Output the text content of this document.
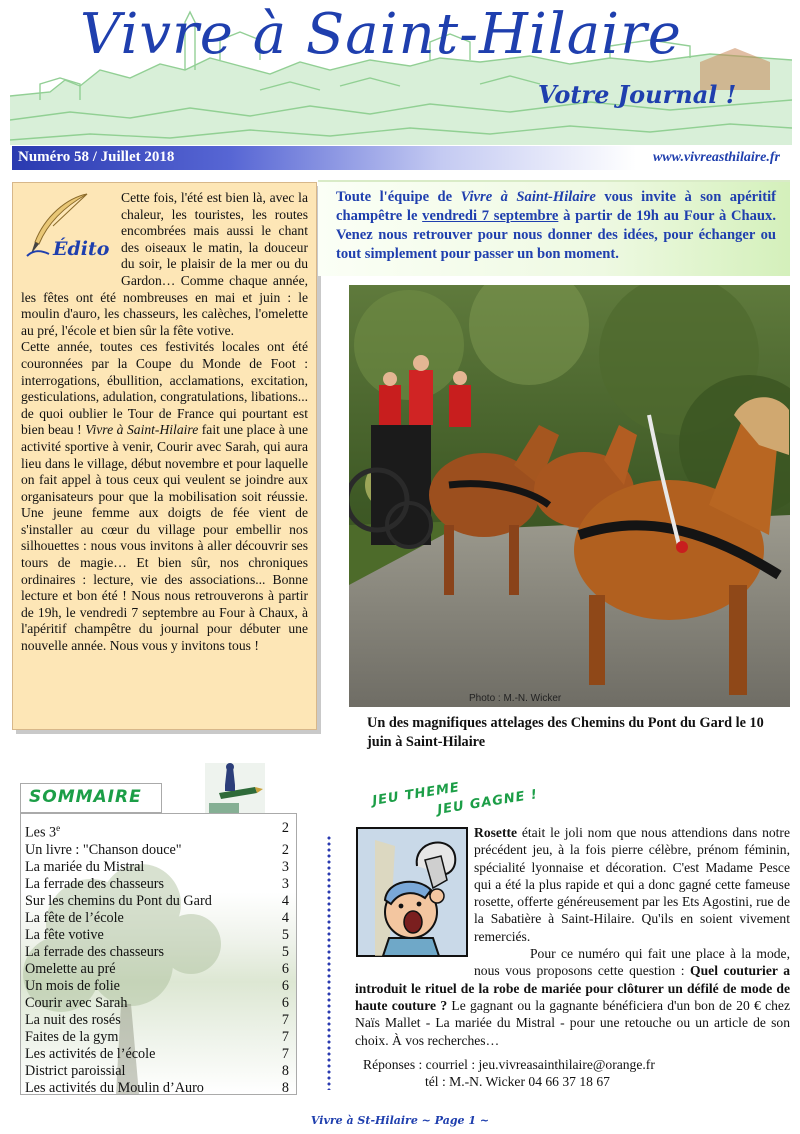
Vivre à Saint-Hilaire
Votre Journal !
Numéro 58 / Juillet 2018	www.vivreasthilaire.fr
Édito

Cette fois, l'été est bien là, avec la chaleur, les touristes, les routes encombrées mais aussi le chant des oiseaux le matin, la douceur du soir, le plaisir de la mer ou du Gardon… Comme chaque année, les fêtes ont été nombreuses en mai et juin : le moulin d'auro, les chasseurs, les calèches, l'omelette au pré, l'école et bien sûr la fête votive.

Cette année, toutes ces festivités locales ont été couronnées par la Coupe du Monde de Foot : interrogations, ébullition, acclamations, excitation, gesticulations, adulation, congratulations, libations... de quoi oublier le Tour de France qui pourtant est bien beau ! Vivre à Saint-Hilaire fait une place à une activité sportive à venir, Courir avec Sarah, qui aura lieu dans le village, début novembre et pour laquelle on fait appel à tous ceux qui veulent se joindre aux organisateurs pour que la mobilisation soit réussie. Une jeune femme aux doigts de fée vient de s'installer au cœur du village pour embellir nos silhouettes : nous vous invitons à aller découvrir ses tours de magie… Et bien sûr, nos chroniques ordinaires : lecture, vie des associations... Bonne lecture et bon été ! Nous nous retrouverons à partir de 19h, le vendredi 7 septembre au Four à Chaux, à l'apéritif champêtre du journal pour débuter une nouvelle année. Nous vous y invitons tous !

Toute l'équipe de Vivre à Saint-Hilaire vous invite à son apéritif champêtre le vendredi 7 septembre à partir de 19h au Four à Chaux. Venez nous retrouver pour nous donner des idées, pour échanger ou tout simplement pour passer un bon moment.

Photo : M.-N. Wicker

Un des magnifiques attelages des Chemins du Pont du Gard le 10 juin à Saint-Hilaire

SOMMAIRE
Les 3e	2
Un livre : "Chanson douce"	2
La mariée du Mistral	3
La ferrade des chasseurs	3
Sur les chemins du Pont du Gard	4
La fête de l’école	4
La fête votive	5
La ferrade des chasseurs	5
Omelette au pré	6
Un mois de folie	6
Courir avec Sarah	6
La nuit des rosés	7
Faites de la gym	7
Les activités de l’école	7
District paroissial	8
Les activités du Moulin d’Auro	8
JEU THEME
JEU GAGNE !

Rosette était le joli nom que nous attendions dans notre précédent jeu, à la fois pierre célèbre, prénom féminin, spécialité lyonnaise et décoration. C'est Madame Pesce qui a été la plus rapide et qui a donc gagné cette fameuse rosette, offerte généreusement par les Ets Agostini, rue de la Sabatière à Saint-Hilaire. Qu'ils en soient vivement remerciés.
Pour ce numéro qui fait une place à la mode, nous vous proposons cette question : Quel couturier a introduit le rituel de la robe de mariée pour clôturer un défilé de mode de haute couture ? Le gagnant ou la gagnante bénéficiera d'un bon de 20 € chez Naïs Mallet - La mariée du Mistral - pour une retouche ou un article de son choix. À vos recherches…

Réponses : courriel : jeu.vivreasainthilaire@orange.fr
tél : M.-N. Wicker 04 66 37 18 67
Vivre à St-Hilaire ~ Page 1 ~
